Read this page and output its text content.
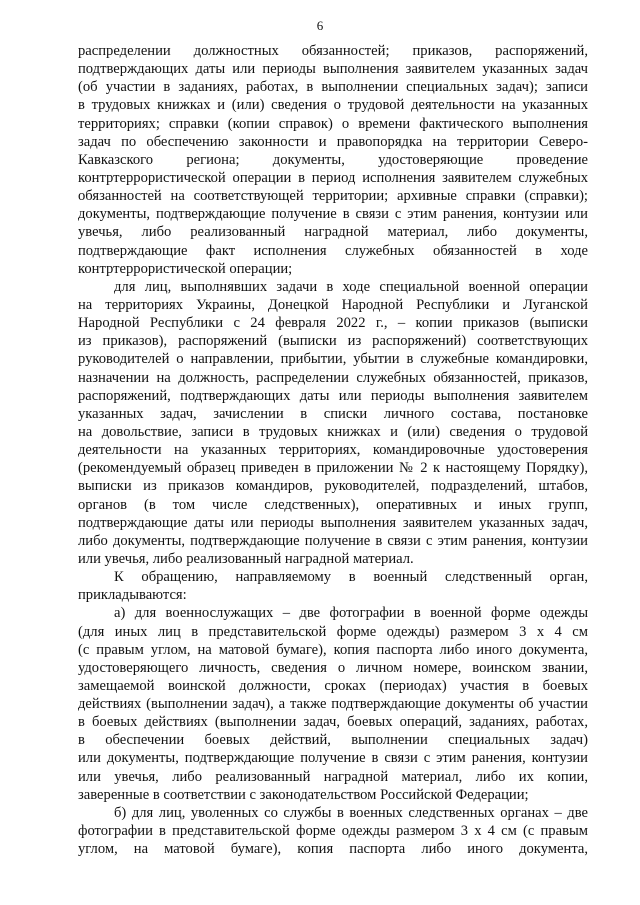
6
распределении должностных обязанностей; приказов, распоряжений,
подтверждающих даты или периоды выполнения заявителем указанных задач
(об участии в заданиях, работах, в выполнении специальных задач); записи
в трудовых книжках и (или) сведения о трудовой деятельности на указанных
территориях; справки (копии справок) о времени фактического выполнения
задач по обеспечению законности и правопорядка на территории Северо-
Кавказского региона; документы, удостоверяющие проведение
контртеррористической операции в период исполнения заявителем служебных
обязанностей на соответствующей территории; архивные справки (справки);
документы, подтверждающие получение в связи с этим ранения, контузии или
увечья, либо реализованный наградной материал, либо документы,
подтверждающие факт исполнения служебных обязанностей в ходе
контртеррористической операции;
для лиц, выполнявших задачи в ходе специальной военной операции
на территориях Украины, Донецкой Народной Республики и Луганской
Народной Республики с 24 февраля 2022 г., – копии приказов (выписки
из приказов), распоряжений (выписки из распоряжений) соответствующих
руководителей о направлении, прибытии, убытии в служебные командировки,
назначении на должность, распределении служебных обязанностей, приказов,
распоряжений, подтверждающих даты или периоды выполнения заявителем
указанных задач, зачислении в списки личного состава, постановке
на довольствие, записи в трудовых книжках и (или) сведения о трудовой
деятельности на указанных территориях, командировочные удостоверения
(рекомендуемый образец приведен в приложении № 2 к настоящему Порядку),
выписки из приказов командиров, руководителей, подразделений, штабов,
органов (в том числе следственных), оперативных и иных групп,
подтверждающие даты или периоды выполнения заявителем указанных задач,
либо документы, подтверждающие получение в связи с этим ранения, контузии
или увечья, либо реализованный наградной материал.
К обращению, направляемому в военный следственный орган,
прикладываются:
а) для военнослужащих – две фотографии в военной форме одежды
(для иных лиц в представительской форме одежды) размером 3 х 4 см
(с правым углом, на матовой бумаге), копия паспорта либо иного документа,
удостоверяющего личность, сведения о личном номере, воинском звании,
замещаемой воинской должности, сроках (периодах) участия в боевых
действиях (выполнении задач), а также подтверждающие документы об участии
в боевых действиях (выполнении задач, боевых операций, заданиях, работах,
в обеспечении боевых действий, выполнении специальных задач)
или документы, подтверждающие получение в связи с этим ранения, контузии
или увечья, либо реализованный наградной материал, либо их копии,
заверенные в соответствии с законодательством Российской Федерации;
б) для лиц, уволенных со службы в военных следственных органах – две
фотографии в представительской форме одежды размером 3 х 4 см (с правым
углом, на матовой бумаге), копия паспорта либо иного документа,
